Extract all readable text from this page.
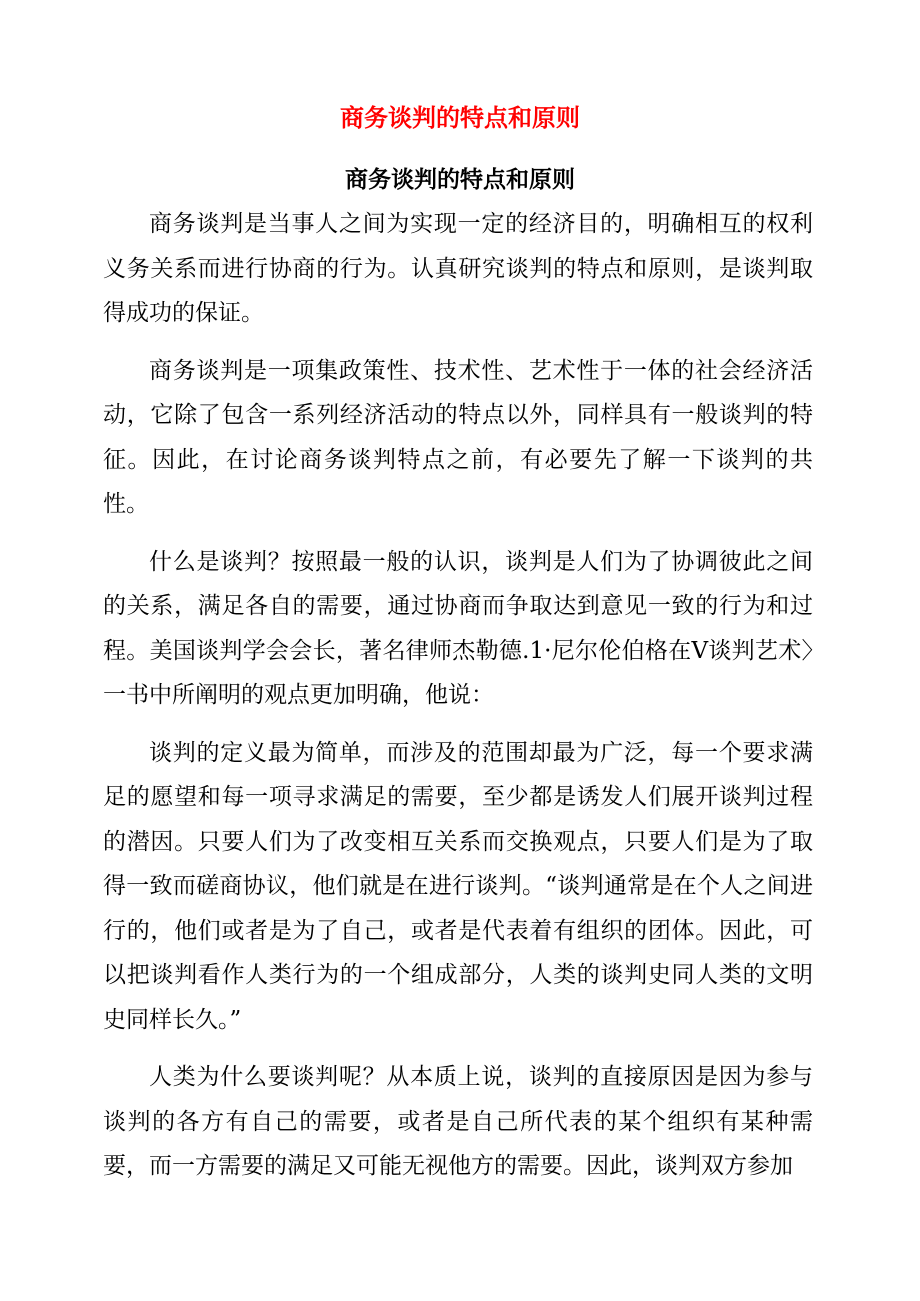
商务谈判的特点和原则
商务谈判的特点和原则

商务谈判是当事人之间为实现一定的经济目的，明确相互的权利义务关系而进行协商的行为。认真研究谈判的特点和原则，是谈判取得成功的保证。

商务谈判是一项集政策性、技术性、艺术性于一体的社会经济活动，它除了包含一系列经济活动的特点以外，同样具有一般谈判的特征。因此，在讨论商务谈判特点之前，有必要先了解一下谈判的共性。

什么是谈判？按照最一般的认识，谈判是人们为了协调彼此之间的关系，满足各自的需要，通过协商而争取达到意见一致的行为和过程。美国谈判学会会长，著名律师杰勒德.1·尼尔伦伯格在V谈判艺术〉一书中所阐明的观点更加明确，他说：

谈判的定义最为简单，而涉及的范围却最为广泛，每一个要求满足的愿望和每一项寻求满足的需要，至少都是诱发人们展开谈判过程的潜因。只要人们为了改变相互关系而交换观点，只要人们是为了取得一致而磋商协议，他们就是在进行谈判。“谈判通常是在个人之间进行的，他们或者是为了自己，或者是代表着有组织的团体。因此，可以把谈判看作人类行为的一个组成部分，人类的谈判史同人类的文明史同样长久。”

人类为什么要谈判呢？从本质上说，谈判的直接原因是因为参与谈判的各方有自己的需要，或者是自己所代表的某个组织有某种需要，而一方需要的满足又可能无视他方的需要。因此，谈判双方参加
